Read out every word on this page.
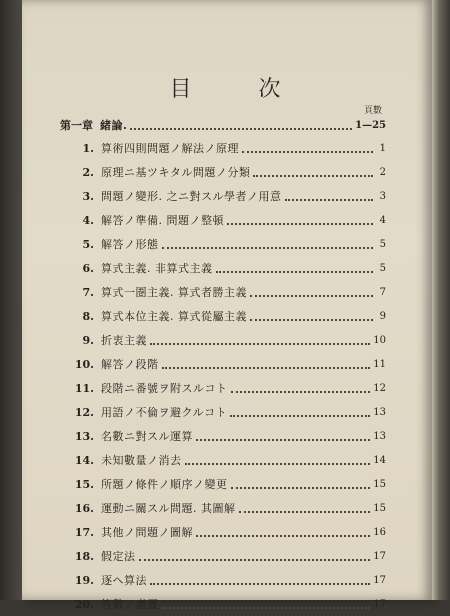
目 次
頁數
第一章 緒論.	1—25
1. 算術四則問題ノ解法ノ原理	1
2. 原理ニ基ツキタル問題ノ分類	2
3. 問題ノ變形. 之ニ對スル學者ノ用意	3
4. 解答ノ準備. 問題ノ整頓	4
5. 解答ノ形態	5
6. 算式主義. 非算式主義	5
7. 算式一圏主義. 算式者勝主義	7
8. 算式本位主義. 算式從屬主義	9
9. 折衷主義	10
10. 解答ノ段階	11
11. 段階ニ番號ヲ附スルコト	12
12. 用語ノ不倫ヲ避クルコト	13
13. 名數ニ對スル運算	13
14. 未知數量ノ消去	14
15. 所題ノ條件ノ順序ノ變更	15
16. 運動ニ關スル問題. 其圖解	15
17. 其他ノ問題ノ圖解	16
18. 假定法	17
19. 逐ヘ算法	17
20. 答數ノ處置	17
